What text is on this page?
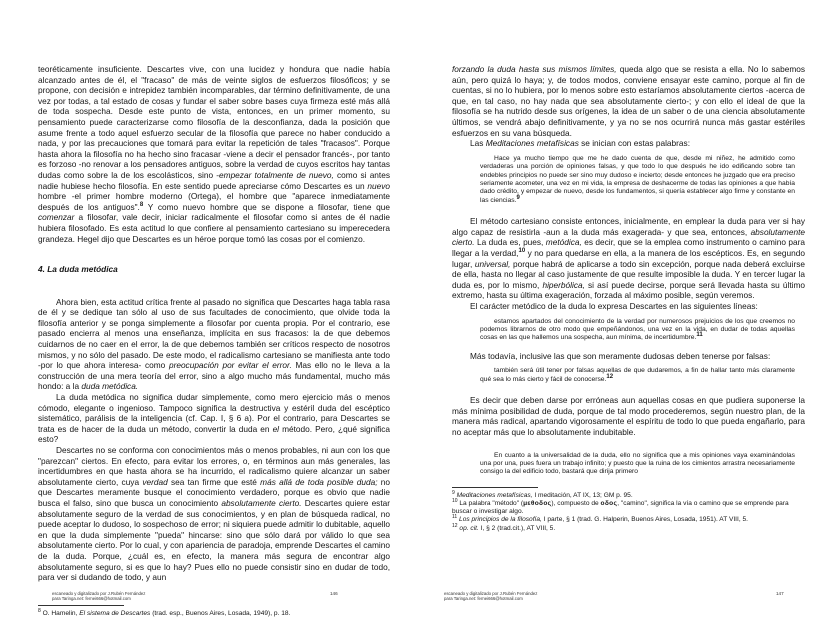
teoréticamente insuficiente. Descartes vive, con una lucidez y hondura que nadie había alcanzado antes de él, el "fracaso" de más de veinte siglos de esfuerzos filosóficos; y se propone, con decisión e intrepidez también incomparables, dar término definitivamente, de una vez por todas, a tal estado de cosas y fundar el saber sobre bases cuya firmeza esté más allá de toda sospecha. Desde este punto de vista, entonces, en un primer momento, su pensamiento puede caracterizarse como filosofía de la desconfianza, dada la posición que asume frente a todo aquel esfuerzo secular de la filosofía que parece no haber conducido a nada, y por las precauciones que tomará para evitar la repetición de tales "fracasos". Porque hasta ahora la filosofía no ha hecho sino fracasar -viene a decir el pensador francés-, por tanto es forzoso -no renovar a los pensadores antiguos, sobre la verdad de cuyos escritos hay tantas dudas como sobre la de los escolásticos, sino -empezar totalmente de nuevo, como si antes nadie hubiese hecho filosofía. En este sentido puede apreciarse cómo Descartes es un nuevo hombre -el primer hombre moderno (Ortega), el hombre que "aparece inmediatamente después de los antiguos".$^8$ Y como nuevo hombre que se dispone a filosofar, tiene que comenzar a filosofar, vale decir, iniciar radicalmente el filosofar como si antes de él nadie hubiera filosofado. Es esta actitud lo que confiere al pensamiento cartesiano su imperecedera grandeza. Hegel dijo que Descartes es un héroe porque tomó las cosas por el comienzo.

4. La duda metódica

Ahora bien, esta actitud crítica frente al pasado no significa que Descartes haga tabla rasa de él y se dedique tan sólo al uso de sus facultades de conocimiento, que olvide toda la filosofía anterior y se ponga simplemente a filosofar por cuenta propia. Por el contrario, ese pasado encierra al menos una enseñanza, implícita en sus fracasos: la de que debemos cuidarnos de no caer en el error, la de que debemos también ser críticos respecto de nosotros mismos, y no sólo del pasado. De este modo, el radicalismo cartesiano se manifiesta ante todo -por lo que ahora interesa- como preocupación por evitar el error. Mas ello no le lleva a la construcción de una mera teoría del error, sino a algo mucho más fundamental, mucho más hondo: a la duda metódica.

La duda metódica no significa dudar simplemente, como mero ejercicio más o menos cómodo, elegante o ingenioso. Tampoco significa la destructiva y estéril duda del escéptico sistemático, parálisis de la inteligencia (cf. Cap. I, § 6 a). Por el contrario, para Descartes se trata es de hacer de la duda un método, convertir la duda en el método. Pero, ¿qué significa esto?

Descartes no se conforma con conocimientos más o menos probables, ni aun con los que "parezcan" ciertos. En efecto, para evitar los errores, o, en términos aun más generales, las incertidumbres en que hasta ahora se ha incurrido, el radicalismo quiere alcanzar un saber absolutamente cierto, cuya verdad sea tan firme que esté más allá de toda posible duda; no que Descartes meramente busque el conocimiento verdadero, porque es obvio que nadie busca el falso, sino que busca un conocimiento absolutamente cierto. Descartes quiere estar absolutamente seguro de la verdad de sus conocimientos, y en plan de búsqueda radical, no puede aceptar lo dudoso, lo sospechoso de error; ni siquiera puede admitir lo dubitable, aquello en que la duda simplemente "pueda" hincarse: sino que sólo dará por válido lo que sea absolutamente cierto. Por lo cual, y con apariencia de paradoja, emprende Descartes el camino de la duda. Porque, ¿cuál es, en efecto, la manera más segura de encontrar algo absolutamente seguro, si es que lo hay? Pues ello no puede consistir sino en dudar de todo, para ver si dudando de todo, y aun

$^8$ O. Hamelin, El sistema de Descartes (trad. esp., Buenos Aires, Losada, 1949), p. 18.

escaneado y digitalizado por J.Rubén Fernández
para Taringa.net: fernei666@hotmail.com
146

forzando la duda hasta sus mismos límites, queda algo que se resista a ella. No lo sabemos aún, pero quizá lo haya; y, de todos modos, conviene ensayar este camino, porque al fin de cuentas, si no lo hubiera, por lo menos sobre esto estaríamos absolutamente ciertos -acerca de que, en tal caso, no hay nada que sea absolutamente cierto-; y con ello el ideal de que la filosofía se ha nutrido desde sus orígenes, la idea de un saber o de una ciencia absolutamente últimos, se vendrá abajo definitivamente, y ya no se nos ocurrirá nunca más gastar estériles esfuerzos en su vana búsqueda.

Las Meditaciones metafísicas se inician con estas palabras:

Hace ya mucho tiempo que me he dado cuenta de que, desde mi niñez, he admitido como verdaderas una porción de opiniones falsas, y que todo lo que después he ido edificando sobre tan endebles principios no puede ser sino muy dudoso e incierto; desde entonces he juzgado que era preciso seriamente acometer, una vez en mi vida, la empresa de deshacerme de todas las opiniones a que había dado crédito, y empezar de nuevo, desde los fundamentos, si quería establecer algo firme y constante en las ciencias.$^9$

El método cartesiano consiste entonces, inicialmente, en emplear la duda para ver si hay algo capaz de resistirla -aun a la duda más exagerada- y que sea, entonces, absolutamente cierto. La duda es, pues, metódica, es decir, que se la emplea como instrumento o camino para llegar a la verdad,$^{10}$ y no para quedarse en ella, a la manera de los escépticos. Es, en segundo lugar, universal, porque habrá de aplicarse a todo sin excepción, porque nada deberá excluirse de ella, hasta no llegar al caso justamente de que resulte imposible la duda. Y en tercer lugar la duda es, por lo mismo, hiperbólica, si así puede decirse, porque será llevada hasta su último extremo, hasta su última exageración, forzada al máximo posible, según veremos.

El carácter metódico de la duda lo expresa Descartes en las siguientes líneas:

estamos apartados del conocimiento de la verdad por numerosos prejuicios de los que creemos no podemos librarnos de otro modo que empeñándonos, una vez en la vida, en dudar de todas aquellas cosas en las que hallemos una sospecha, aun mínima, de incertidumbre.$^{11}$

Más todavía, inclusive las que son meramente dudosas deben tenerse por falsas:

también será útil tener por falsas aquellas de que dudaremos, a fin de hallar tanto más claramente qué sea lo más cierto y fácil de conocerse.$^{12}$

Es decir que deben darse por erróneas aun aquellas cosas en que pudiera suponerse la más mínima posibilidad de duda, porque de tal modo procederemos, según nuestro plan, de la manera más radical, apartando vigorosamente el espíritu de todo lo que pueda engañarlo, para no aceptar más que lo absolutamente indubitable.

En cuanto a la universalidad de la duda, ello no significa que a mis opiniones vaya examinándolas una por una, pues fuera un trabajo infinito; y puesto que la ruina de los cimientos arrastra necesariamente consigo la del edificio todo, bastará que dirija primero

$^9$ Meditaciones metafísicas, I meditación, AT IX, 13; GM p. 95.

$^{10}$ La palabra "método" (μεθοδος), compuesto de οδος, "camino", significa la vía o camino que se emprende para buscar o investigar algo.

$^{11}$ Los principios de la filosofía, I parte, § 1 (trad. G. Halperin, Buenos Aires, Losada, 1951). AT VIII, 5.

$^{12}$ op. cit. I, § 2 (trad.cit.), AT VIII, 5.

escaneado y digitalizado por J.Rubén Fernández
para Taringa.net: fernei666@hotmail.com
147
